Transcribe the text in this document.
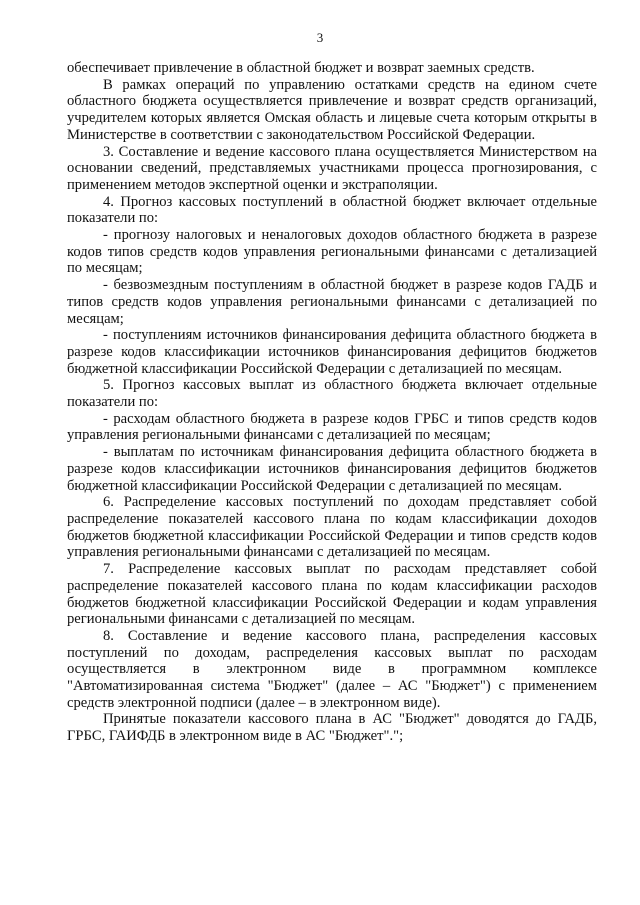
3

обеспечивает привлечение в областной бюджет и возврат заемных средств.

В рамках операций по управлению остатками средств на едином счете областного бюджета осуществляется привлечение и возврат средств организаций, учредителем которых является Омская область и лицевые счета которым открыты в Министерстве в соответствии с законодательством Российской Федерации.

3. Составление и ведение кассового плана осуществляется Министерством на основании сведений, представляемых участниками процесса прогнозирования, с применением методов экспертной оценки и экстраполяции.

4. Прогноз кассовых поступлений в областной бюджет включает отдельные показатели по:

- прогнозу налоговых и неналоговых доходов областного бюджета в разрезе кодов типов средств кодов управления региональными финансами с детализацией по месяцам;

- безвозмездным поступлениям в областной бюджет в разрезе кодов ГАДБ и типов средств кодов управления региональными финансами с детализацией по месяцам;

- поступлениям источников финансирования дефицита областного бюджета в разрезе кодов классификации источников финансирования дефицитов бюджетов бюджетной классификации Российской Федерации с детализацией по месяцам.

5. Прогноз кассовых выплат из областного бюджета включает отдельные показатели по:

- расходам областного бюджета в разрезе кодов ГРБС и типов средств кодов управления региональными финансами с детализацией по месяцам;

- выплатам по источникам финансирования дефицита областного бюджета в разрезе кодов классификации источников финансирования дефицитов бюджетов бюджетной классификации Российской Федерации с детализацией по месяцам.

6. Распределение кассовых поступлений по доходам представляет собой распределение показателей кассового плана по кодам классификации доходов бюджетов бюджетной классификации Российской Федерации и типов средств кодов управления региональными финансами с детализацией по месяцам.

7. Распределение кассовых выплат по расходам представляет собой распределение показателей кассового плана по кодам классификации расходов бюджетов бюджетной классификации Российской Федерации и кодам управления региональными финансами с детализацией по месяцам.

8. Составление и ведение кассового плана, распределения кассовых поступлений по доходам, распределения кассовых выплат по расходам осуществляется в электронном виде в программном комплексе "Автоматизированная система "Бюджет" (далее – АС "Бюджет") с применением средств электронной подписи (далее – в электронном виде).

Принятые показатели кассового плана в АС "Бюджет" доводятся до ГАДБ, ГРБС, ГАИФДБ в электронном виде в АС "Бюджет".";
